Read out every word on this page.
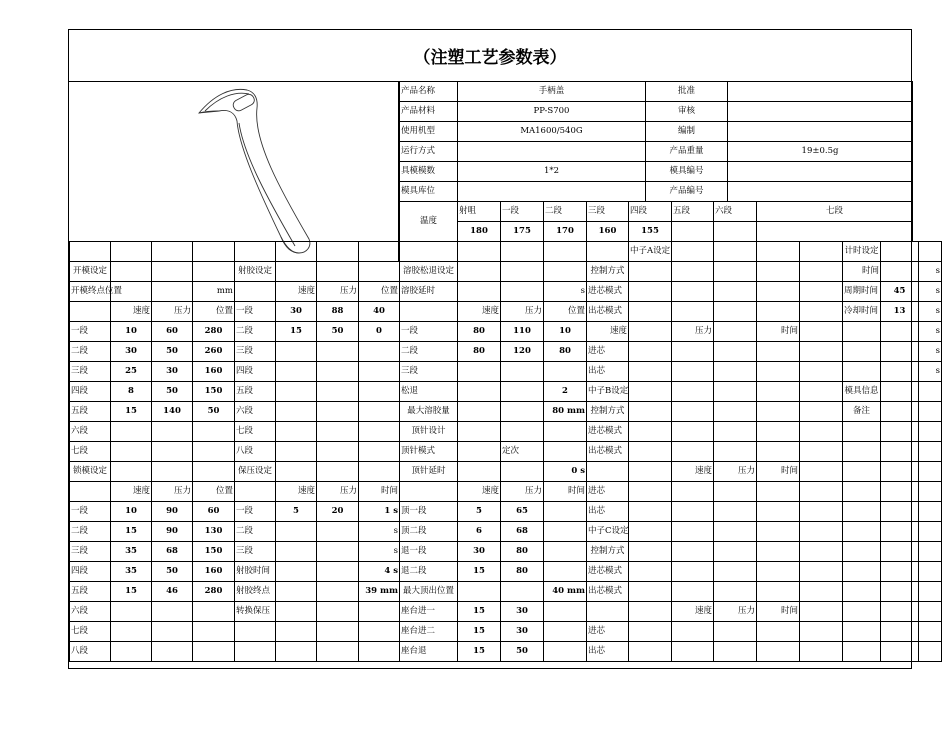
（注塑工艺参数表）
产品名称	手柄盖	批准	
产品材料	PP-S700	审核	
使用机型	MA1600/540G	编制	
运行方式		产品重量	19±0.5g
具模模数	1*2	模具编号	
模具库位		产品编号	
温度	射咀	一段	二段	三段	四段	五段	六段	七段
	180	175	170	160	155			
													中子A设定					计时设定		
开模设定				射胶设定				溶胶松退设定				控制方式						时间		s
开模终点位置			mm		速度	压力	位置	溶胶延时			s	进芯模式						周期时间	45	s
	速度	压力	位置	一段	30	88	40		速度	压力	位置	出芯模式						冷却时间	13	s
一段	10	60	280	二段	15	50	0	一段	80	110	10	速度		压力		时间				s
二段	30	50	260	三段				二段	80	120	80	进芯								s
三段	25	30	160	四段				三段				出芯								s
四段	8	50	150	五段				松退			2	中子B设定						模具信息		
五段	15	140	50	六段				最大溶胶量			80 mm	控制方式						备注		
六段				七段				顶针设计				进芯模式								
七段				八段				顶针模式		定次		出芯模式								
锁模设定				保压设定				顶针延时			0 s			速度	压力	时间				
	速度	压力	位置		速度	压力	时间		速度	压力	时间	进芯								
一段	10	90	60	一段	5	20	1 s	顶一段	5	65		出芯								
二段	15	90	130	二段			s	顶二段	6	68		中子C设定								
三段	35	68	150	三段			s	退一段	30	80		控制方式								
四段	35	50	160	射胶时间			4 s	退二段	15	80		进芯模式								
五段	15	46	280	射胶终点			39 mm	最大顶出位置			40 mm	出芯模式								
六段				转换保压				座台进一	15	30				速度	压力	时间				
七段								座台进二	15	30		进芯								
八段								座台退	15	50		出芯								
